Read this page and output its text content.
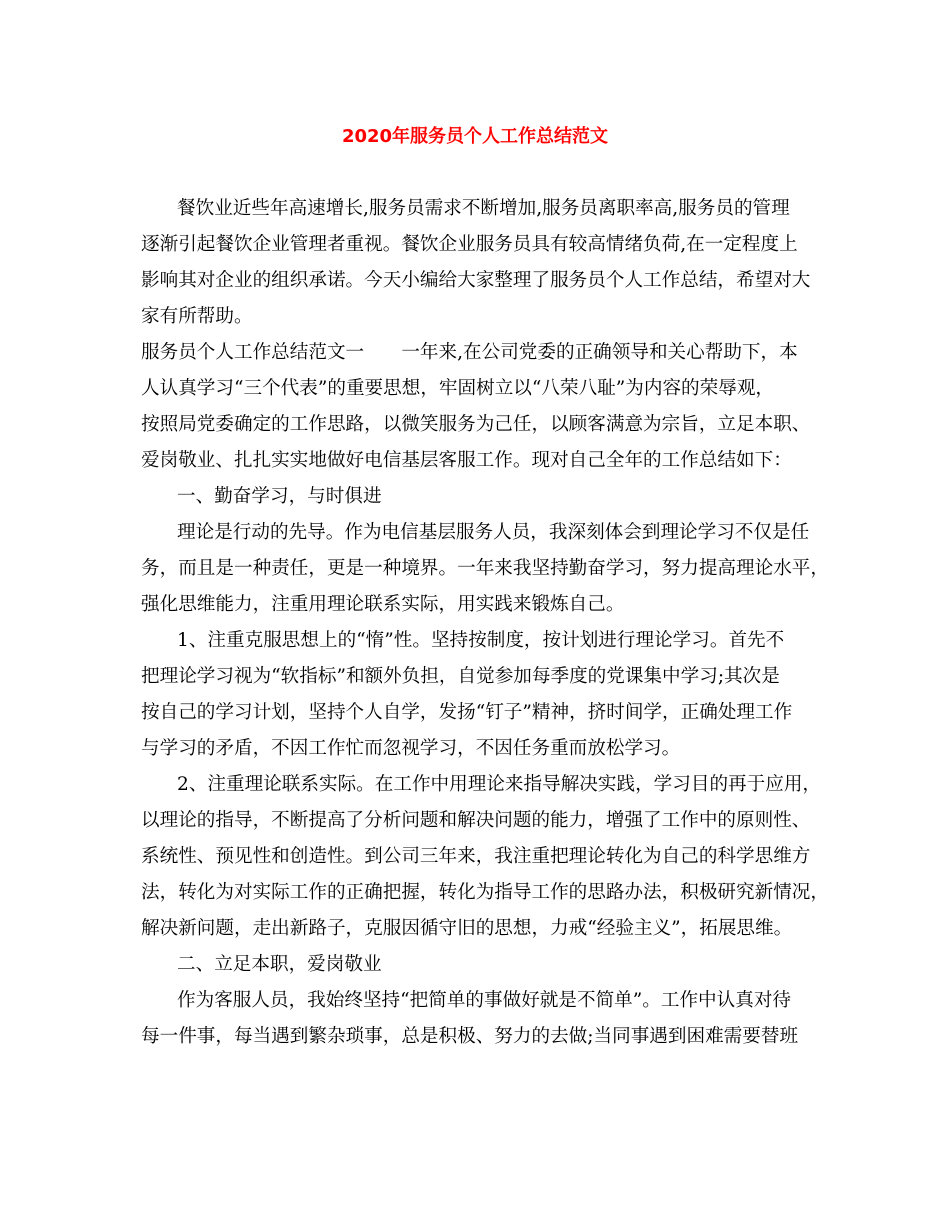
2020年服务员个人工作总结范文
餐饮业近些年高速增长,服务员需求不断增加,服务员离职率高,服务员的管理
逐渐引起餐饮企业管理者重视。餐饮企业服务员具有较高情绪负荷,在一定程度上
影响其对企业的组织承诺。今天小编给大家整理了服务员个人工作总结，希望对大
家有所帮助。
服务员个人工作总结范文一　　一年来,在公司党委的正确领导和关心帮助下，本
人认真学习“三个代表”的重要思想，牢固树立以“八荣八耻”为内容的荣辱观，
按照局党委确定的工作思路，以微笑服务为己任，以顾客满意为宗旨，立足本职、
爱岗敬业、扎扎实实地做好电信基层客服工作。现对自己全年的工作总结如下：
一、勤奋学习，与时俱进
理论是行动的先导。作为电信基层服务人员，我深刻体会到理论学习不仅是任
务，而且是一种责任，更是一种境界。一年来我坚持勤奋学习，努力提高理论水平，
强化思维能力，注重用理论联系实际，用实践来锻炼自己。
1、注重克服思想上的“惰”性。坚持按制度，按计划进行理论学习。首先不
把理论学习视为“软指标”和额外负担，自觉参加每季度的党课集中学习;其次是
按自己的学习计划，坚持个人自学，发扬“钉子”精神，挤时间学，正确处理工作
与学习的矛盾，不因工作忙而忽视学习，不因任务重而放松学习。
2、注重理论联系实际。在工作中用理论来指导解决实践，学习目的再于应用，
以理论的指导，不断提高了分析问题和解决问题的能力，增强了工作中的原则性、
系统性、预见性和创造性。到公司三年来，我注重把理论转化为自己的科学思维方
法，转化为对实际工作的正确把握，转化为指导工作的思路办法，积极研究新情况，
解决新问题，走出新路子，克服因循守旧的思想，力戒“经验主义”，拓展思维。
二、立足本职，爱岗敬业
作为客服人员，我始终坚持“把简单的事做好就是不简单”。工作中认真对待
每一件事，每当遇到繁杂琐事，总是积极、努力的去做;当同事遇到困难需要替班
